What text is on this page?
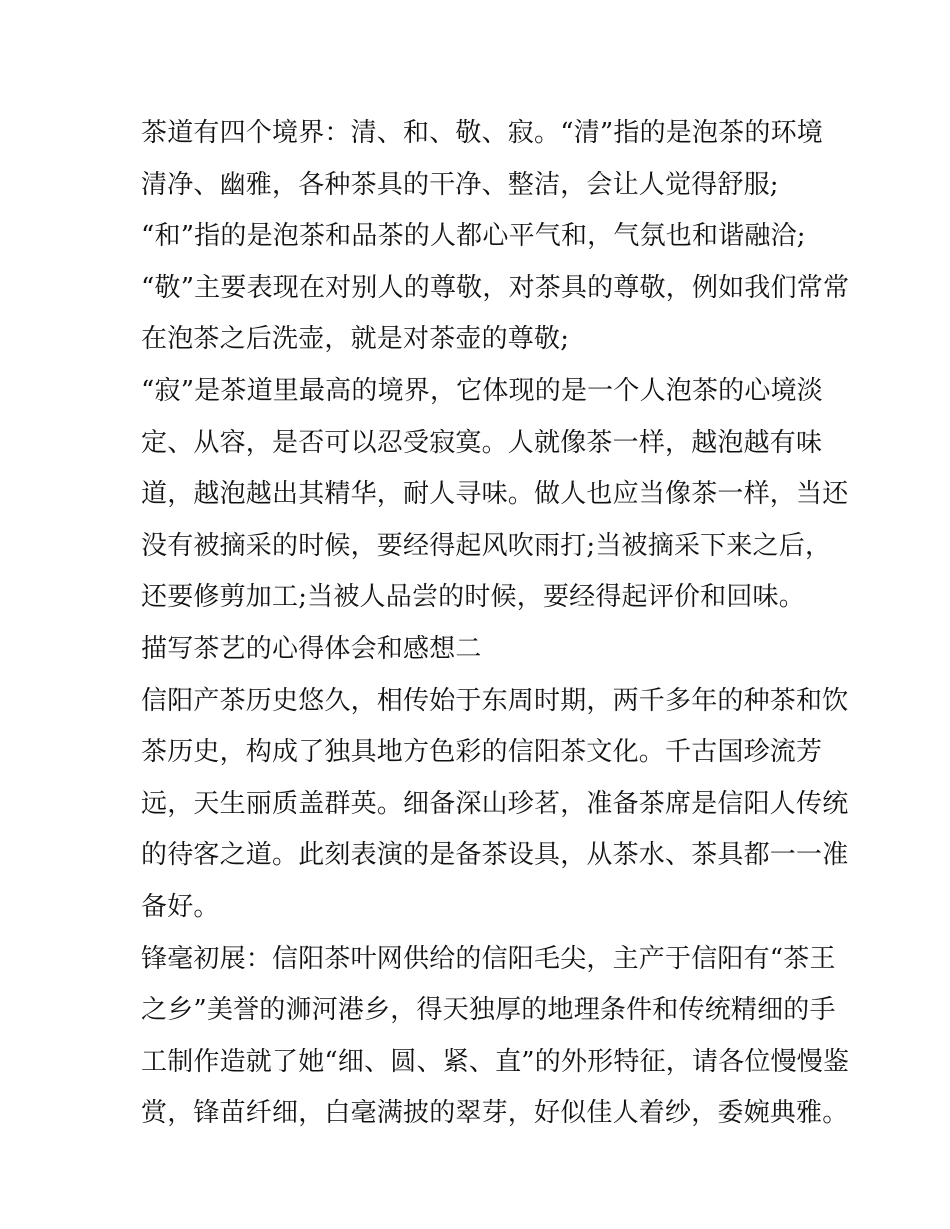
茶道有四个境界：清、和、敬、寂。“清”指的是泡茶的环境
清净、幽雅，各种茶具的干净、整洁，会让人觉得舒服;
“和”指的是泡茶和品茶的人都心平气和，气氛也和谐融洽;
“敬”主要表现在对别人的尊敬，对茶具的尊敬，例如我们常常
在泡茶之后洗壶，就是对茶壶的尊敬;
“寂”是茶道里最高的境界，它体现的是一个人泡茶的心境淡
定、从容，是否可以忍受寂寞。人就像茶一样，越泡越有味
道，越泡越出其精华，耐人寻味。做人也应当像茶一样，当还
没有被摘采的时候，要经得起风吹雨打;当被摘采下来之后，
还要修剪加工;当被人品尝的时候，要经得起评价和回味。
描写茶艺的心得体会和感想二
信阳产茶历史悠久，相传始于东周时期，两千多年的种茶和饮
茶历史，构成了独具地方色彩的信阳茶文化。千古国珍流芳
远，天生丽质盖群英。细备深山珍茗，准备茶席是信阳人传统
的待客之道。此刻表演的是备茶设具，从茶水、茶具都一一准
备好。
锋毫初展：信阳茶叶网供给的信阳毛尖，主产于信阳有“茶王
之乡”美誉的浉河港乡，得天独厚的地理条件和传统精细的手
工制作造就了她“细、圆、紧、直”的外形特征，请各位慢慢鉴
赏，锋苗纤细，白毫满披的翠芽，好似佳人着纱，委婉典雅。
